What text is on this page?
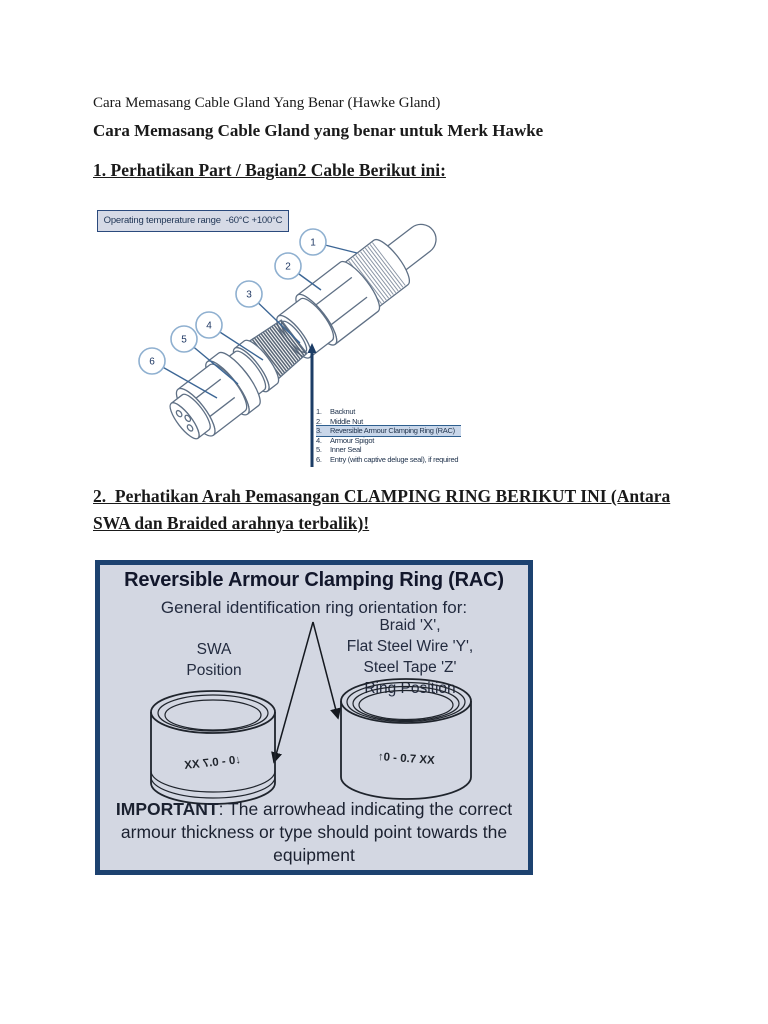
Cara Memasang Cable Gland Yang Benar (Hawke Gland)

Cara Memasang Cable Gland yang benar untuk Merk Hawke

1. Perhatikan Part / Bagian2 Cable Berikut ini:

Operating temperature range  -60°C +100°C
1
2
3
4
5
6
1.	Backnut
2.	Middle Nut
3.	Reversible Armour Clamping Ring (RAC)
4.	Armour Spigot
5.	Inner Seal
6.	Entry (with captive deluge seal), if required

2.  Perhatikan Arah Pemasangan CLAMPING RING BERIKUT INI (Antara SWA dan Braided arahnya terbalik)!

Reversible Armour Clamping Ring (RAC)
General identification ring orientation for:
SWA
Position
Braid 'X',
Flat Steel Wire 'Y',
Steel Tape 'Z'
Ring Position
↓0 - 0.7 XX	↑0 - 0.7 XX
IMPORTANT: The arrowhead indicating the correct armour thickness or type should point towards the equipment
